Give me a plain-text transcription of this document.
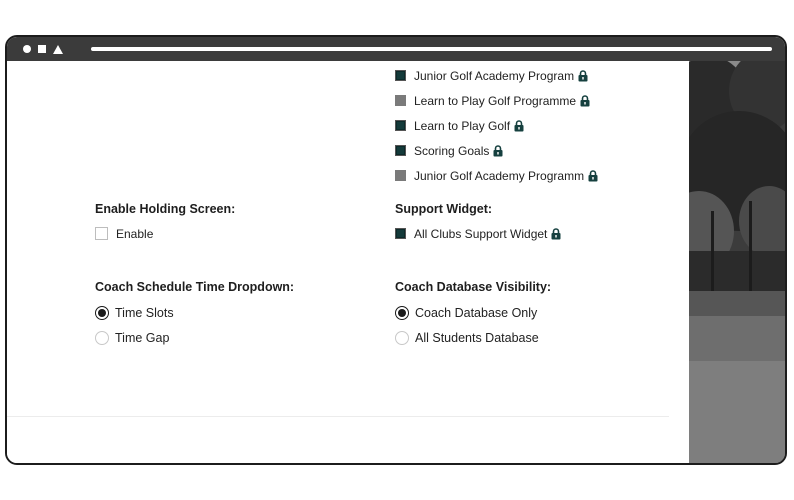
Junior Golf Academy Program
Learn to Play Golf Programme
Learn to Play Golf
Scoring Goals
Junior Golf Academy Programm
Enable Holding Screen:
Enable
Support Widget:
All Clubs Support Widget
Coach Schedule Time Dropdown:
Time Slots
Time Gap
Coach Database Visibility:
Coach Database Only
All Students Database
